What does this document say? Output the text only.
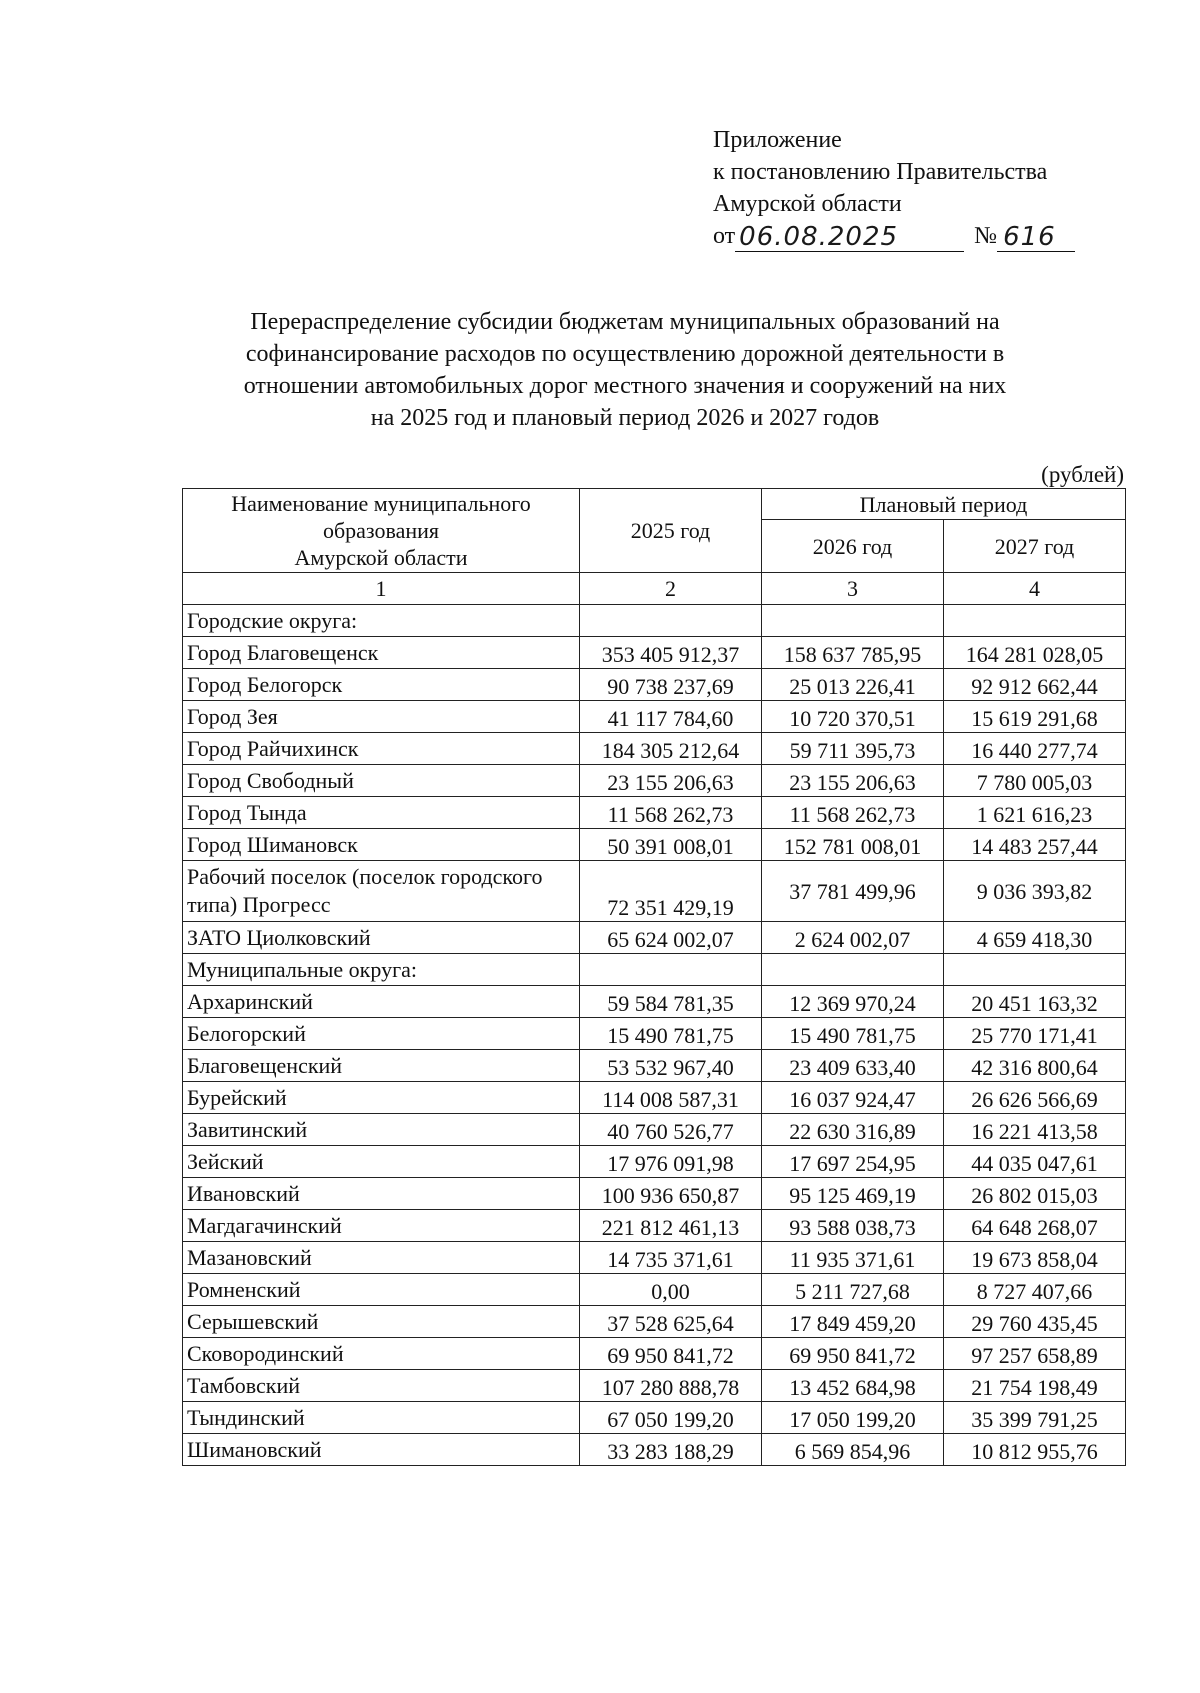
Приложение
к постановлению Правительства
Амурской области
от 06.08.2025	№ 616
Перераспределение субсидии бюджетам муниципальных образований на
софинансирование расходов по осуществлению дорожной деятельности в
отношении автомобильных дорог местного значения и сооружений на них
на 2025 год и плановый период 2026 и 2027 годов
(рублей)
Наименование муниципального
образования
Амурской области	2025 год	Плановый период	
		2026 год	2027 год
1	2	3	4
Городские округа:			
Город Благовещенск	353 405 912,37	158 637 785,95	164 281 028,05
Город Белогорск	90 738 237,69	25 013 226,41	92 912 662,44
Город Зея	41 117 784,60	10 720 370,51	15 619 291,68
Город Райчихинск	184 305 212,64	59 711 395,73	16 440 277,74
Город Свободный	23 155 206,63	23 155 206,63	7 780 005,03
Город Тында	11 568 262,73	11 568 262,73	1 621 616,23
Город Шимановск	50 391 008,01	152 781 008,01	14 483 257,44

Рабочий поселок (поселок городского
типа) Прогресс	72 351 429,19	37 781 499,96	9 036 393,82
ЗАТО Циолковский	65 624 002,07	2 624 002,07	4 659 418,30
Муниципальные округа:			
Архаринский	59 584 781,35	12 369 970,24	20 451 163,32
Белогорский	15 490 781,75	15 490 781,75	25 770 171,41
Благовещенский	53 532 967,40	23 409 633,40	42 316 800,64
Бурейский	114 008 587,31	16 037 924,47	26 626 566,69
Завитинский	40 760 526,77	22 630 316,89	16 221 413,58
Зейский	17 976 091,98	17 697 254,95	44 035 047,61
Ивановский	100 936 650,87	95 125 469,19	26 802 015,03
Магдагачинский	221 812 461,13	93 588 038,73	64 648 268,07
Мазановский	14 735 371,61	11 935 371,61	19 673 858,04
Ромненский	0,00	5 211 727,68	8 727 407,66
Серышевский	37 528 625,64	17 849 459,20	29 760 435,45
Сковородинский	69 950 841,72	69 950 841,72	97 257 658,89
Тамбовский	107 280 888,78	13 452 684,98	21 754 198,49
Тындинский	67 050 199,20	17 050 199,20	35 399 791,25
Шимановский	33 283 188,29	6 569 854,96	10 812 955,76
